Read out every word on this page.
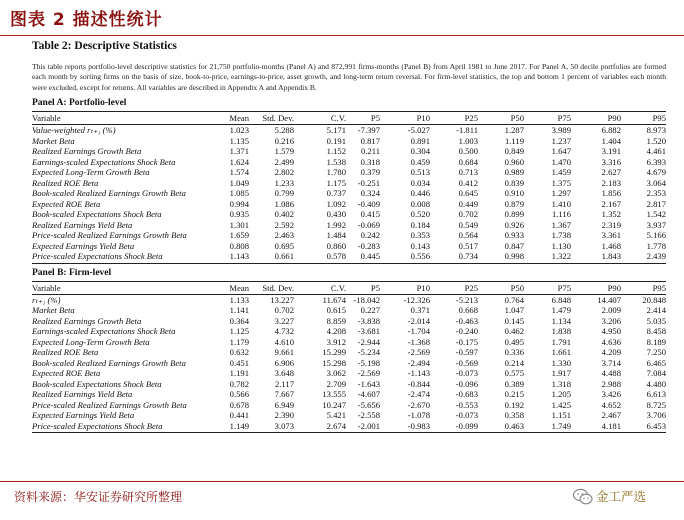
图表 2 描述性统计
Table 2: Descriptive Statistics
This table reports portfolio-level descriptive statistics for 21,750 portfolio-months (Panel A) and 872,991 firms-months (Panel B) from April 1981 to June 2017. For Panel A, 50 decile portfolios are formed each month by sorting firms on the basis of size, book-to-price, earnings-to-price, asset growth, and long-term return reversal. For firm-level statistics, the top and bottom 1 percent of variables each month were excluded, except for returns. All variables are described in Appendix A and Appendix B.
Panel A: Portfolio-level
Variable	Mean Std. Dev.	C.V.	P5	P10	P25	P50	P75	P90	P95
Value-weighted rₜ₊₁ (%)	1.023	5.288	5.171 -7.397	-5.027	-1.811	1.287	3.989	6.882	8.973
Market Beta	1.135	0.216	0.191 0.817	0.891	1.003	1.119	1.237	1.404	1.520
Realized Earnings Growth Beta	1.371	1.579	1.152 0.211	0.304	0.500	0.849	1.647	3.191	4.461
Earnings-scaled Expectations Shock Beta	1.624	2.499	1.538 0.318	0.459	0.684	0.960	1.470	3.316	6.393
Expected Long-Term Growth Beta	1.574	2.802	1.780 0.379	0.513	0.713	0.989	1.459	2.627	4.679
Realized ROE Beta	1.049	1.233	1.175 -0.251	0.034	0.412	0.839	1.375	2.183	3.064
Book-scaled Realized Earnings Growth Beta	1.085	0.799	0.737 0.324	0.446	0.645	0.910	1.297	1.856	2.353
Expected ROE Beta	0.994	1.086	1.092 -0.409	0.008	0.449	0.879	1.410	2.167	2.817
Book-scaled Expectations Shock Beta	0.935	0.402	0.430 0.415	0.520	0.702	0.899	1.116	1.352	1.542
Realized Earnings Yield Beta	1.301	2.592	1.992 -0.069	0.184	0.549	0.926	1.367	2.319	3.937
Price-scaled Realized Earnings Growth Beta	1.659	2.463	1.484 0.242	0.353	0.564	0.933	1.738	3.361	5.166
Expected Earnings Yield Beta	0.808	0.695	0.860 -0.283	0.143	0.517	0.847	1.130	1.468	1.778
Price-scaled Expectations Shock Beta	1.143	0.661	0.578 0.445	0.556	0.734	0.998	1.322	1.843	2.439
Panel B: Firm-level
Variable	Mean Std. Dev.	C.V.	P5	P10	P25	P50	P75	P90	P95
rₜ₊₁ (%)	1.133 13.227	11.674 -18.042	-12.326	-5.213	0.764	6.848	14.407 20.848
Market Beta	1.141	0.702	0.615 0.227	0.371	0.668	1.047	1.479	2.009	2.414
Realized Earnings Growth Beta	0.364	3.227	8.859 -3.838	-2.014	-0.463	0.145	1.134	3.206	5.035
Earnings-scaled Expectations Shock Beta	1.125	4.732	4.208 -3.681	-1.704	-0.240	0.462	1.838	4.950	8.458
Expected Long-Term Growth Beta	1.179	4.610	3.912 -2.944	-1.368	-0.175	0.495	1.791	4.636	8.189
Realized ROE Beta	0.632	9.661	15.299 -5.234	-2.569	-0.597	0.336	1.661	4.209	7.250
Book-scaled Realized Earnings Growth Beta	0.451	6.906	15.298 -5.198	-2.494	-0.569	0.214	1.330	3.714	6.465
Expected ROE Beta	1.191	3.648	3.062 -2.569	-1.143	-0.073	0.575	1.917	4.488	7.084
Book-scaled Expectations Shock Beta	0.782	2.117	2.709 -1.643	-0.844	-0.096	0.389	1.318	2.988	4.480
Realized Earnings Yield Beta	0.566	7.667	13.555 -4.607	-2.474	-0.683	0.215	1.205	3.426	6.613
Price-scaled Realized Earnings Growth Beta	0.678	6.949	10.247 -5.656	-2.670	-0.553	0.192	1.425	4.652	8.725
Expected Earnings Yield Beta	0.441	2.390	5.421 -2.558	-1.078	-0.073	0.358	1.151	2.467	3.706
Price-scaled Expectations Shock Beta	1.149	3.073	2.674 -2.001	-0.983	-0.099	0.463	1.749	4.181	6.453
资料来源：华安证券研究所整理	金工严选
